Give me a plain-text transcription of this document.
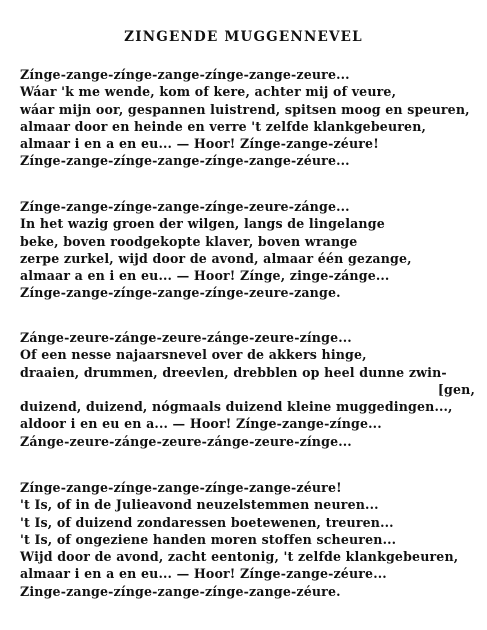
ZINGENDE MUGGENNEVEL
Zínge-zange-zínge-zange-zínge-zange-zeure...
Wáar 'k me wende, kom of kere, achter mij of veure,
wáar mijn oor, gespannen luistrend, spitsen moog en speuren,
almaar door en heinde en verre 't zelfde klankgebeuren,
almaar i en a en eu... — Hoor! Zínge-zange-zéure!
Zínge-zange-zínge-zange-zínge-zange-zéure...
Zínge-zange-zínge-zange-zínge-zeure-zánge...
In het wazig groen der wilgen, langs de lingelange
beke, boven roodgekopte klaver, boven wrange
zerpe zurkel, wijd door de avond, almaar één gezange,
almaar a en i en eu... — Hoor! Zínge, zinge-zánge...
Zínge-zange-zínge-zange-zínge-zeure-zange.
Zánge-zeure-zánge-zeure-zánge-zeure-zínge...
Of een nesse najaarsnevel over de akkers hinge,
draaien, drummen, dreevlen, drebblen op heel dunne zwin-
[gen,
duizend, duizend, nógmaals duizend kleine muggedingen...,
aldoor i en eu en a... — Hoor! Zínge-zange-zínge...
Zánge-zeure-zánge-zeure-zánge-zeure-zínge...
Zínge-zange-zínge-zange-zínge-zange-zéure!
't Is, of in de Julieavond neuzelstemmen neuren...
't Is, of duizend zondaressen boetewenen, treuren...
't Is, of ongeziene handen moren stoffen scheuren...
Wijd door de avond, zacht eentonig, 't zelfde klankgebeuren,
almaar i en a en eu... — Hoor! Zínge-zange-zéure...
Zinge-zange-zínge-zange-zínge-zange-zéure.
